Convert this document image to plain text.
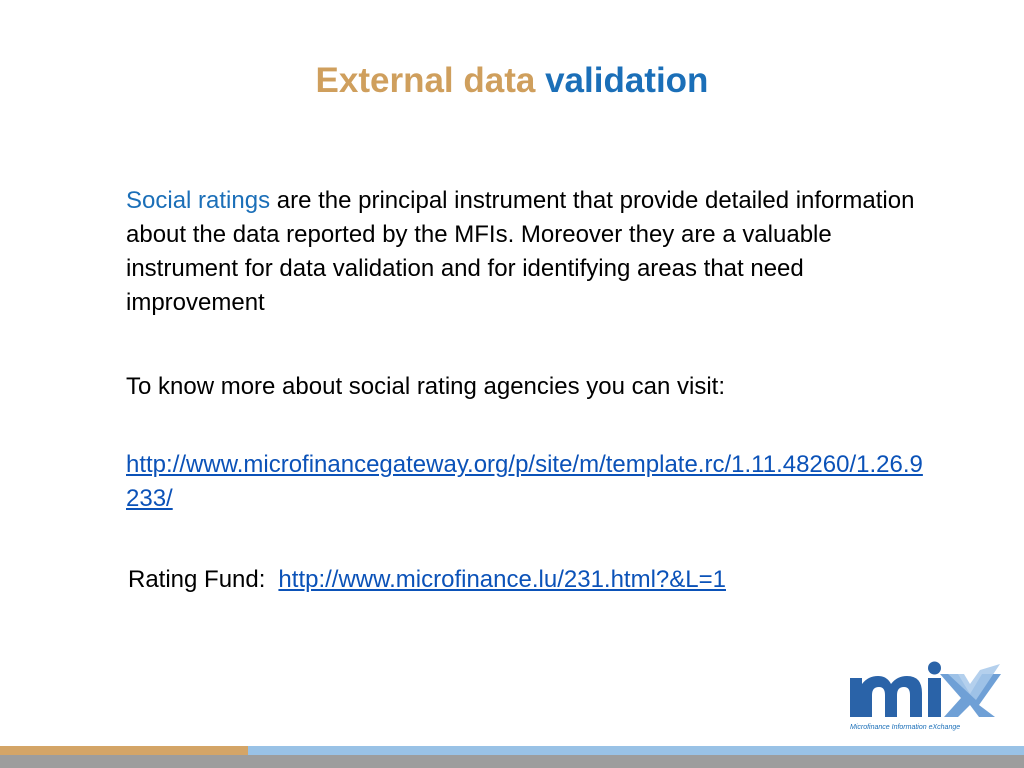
External data validation

Social ratings are the principal instrument that provide detailed information about the data reported by the MFIs. Moreover they are a valuable instrument for data validation and for identifying areas that need improvement

To know more about social rating agencies you can visit:

http://www.microfinancegateway.org/p/site/m/template.rc/1.11.48260/1.26.9233/

Rating Fund: http://www.microfinance.lu/231.html?&L=1

Microfinance Information eXchange
